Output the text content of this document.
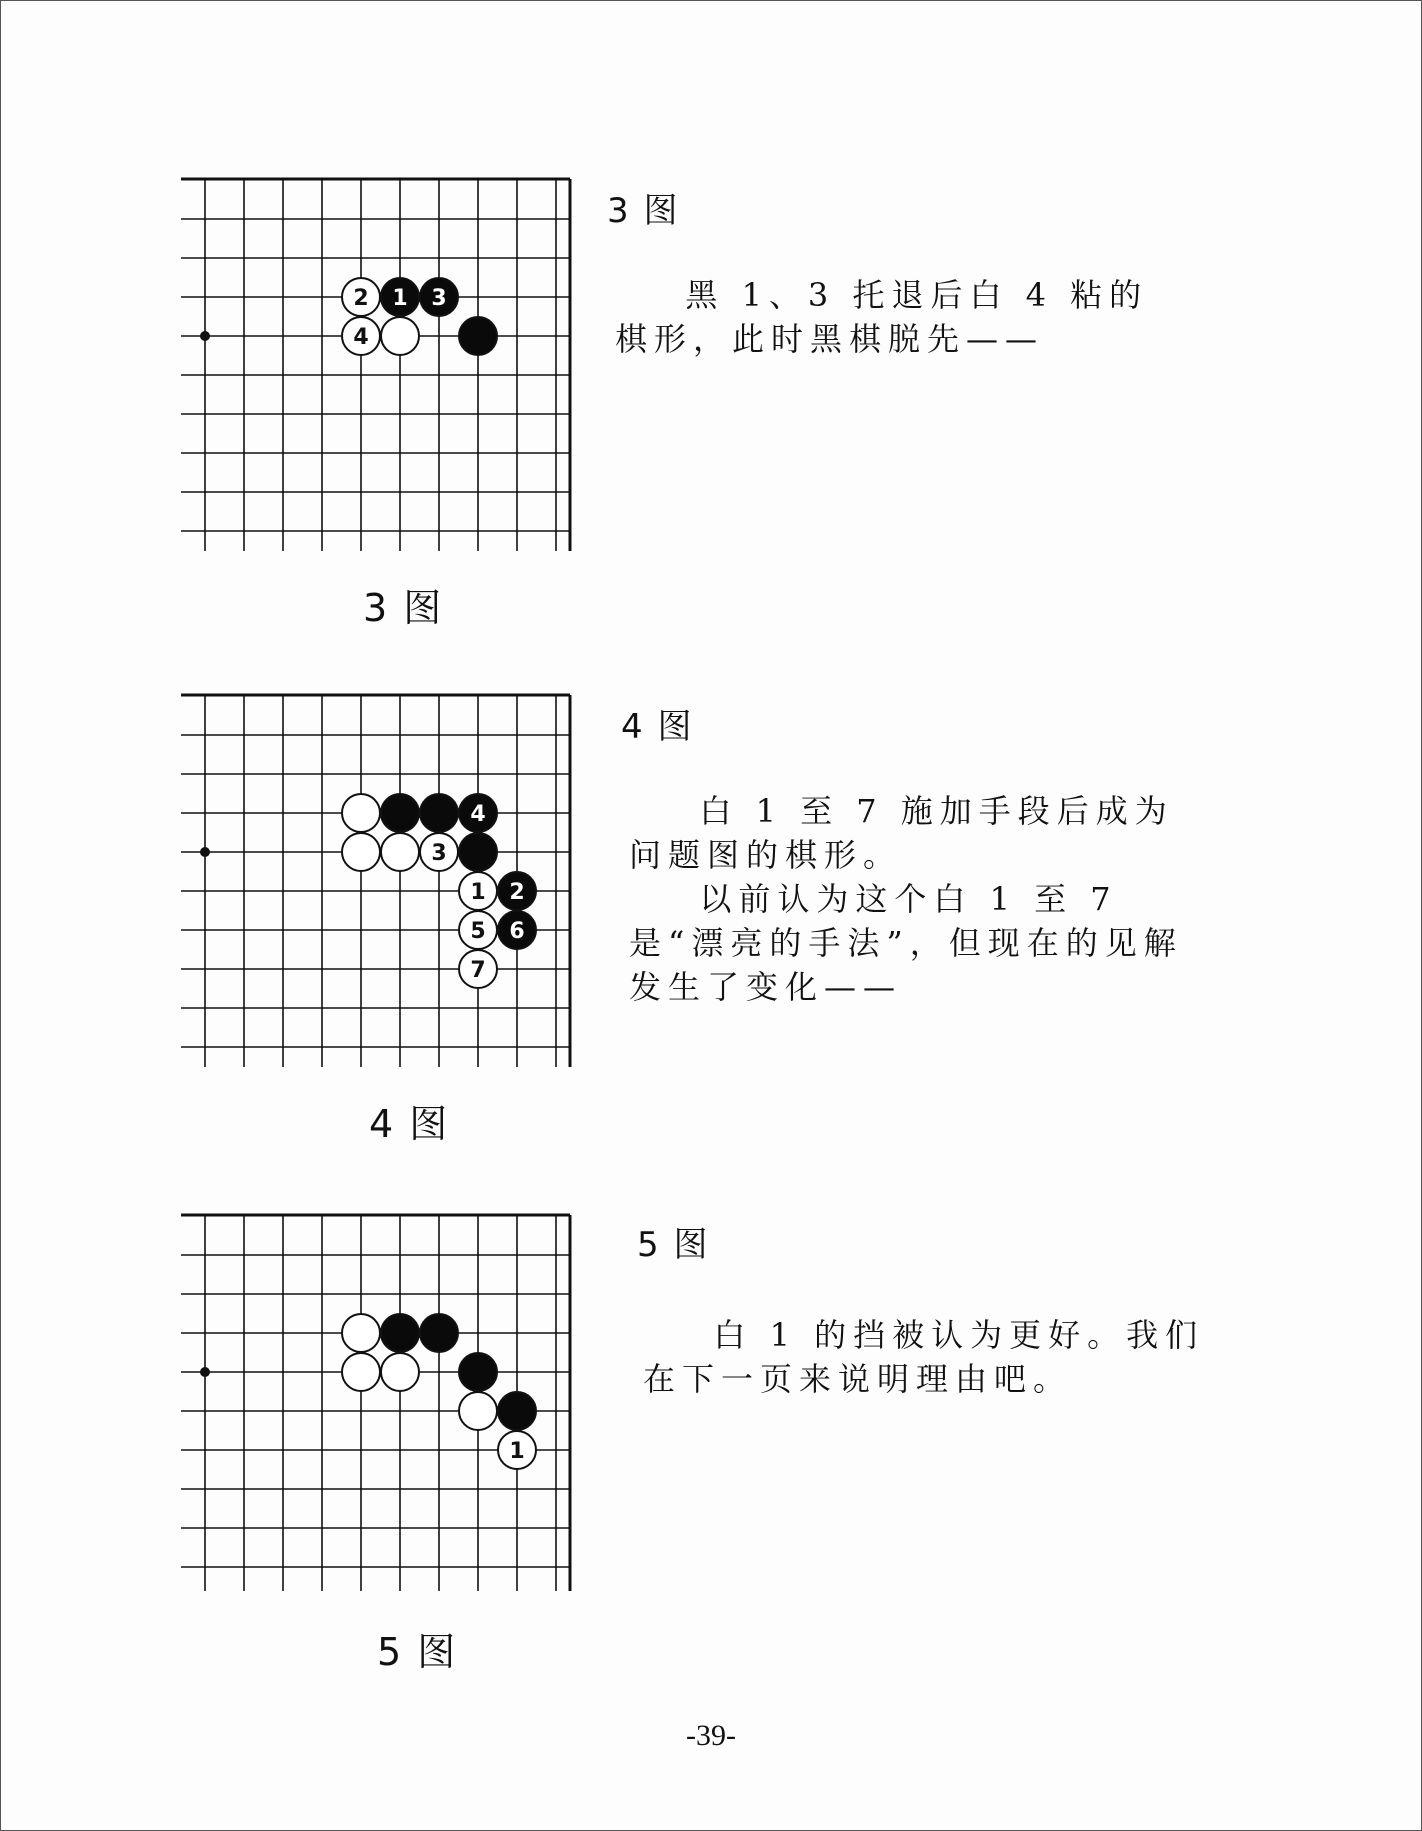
2 1 3
4
3 图

黑 1、3 托退后白 4 粘的棋形，此时黑棋脱先——

3 图
4
3
1 2
5 6
7
4 图

白 1 至 7 施加手段后成为问题图的棋形。

以前认为这个白 1 至 7 是“漂亮的手法”，但现在的见解发生了变化——

4 图
1
5 图

白 1 的挡被认为更好。我们在下一页来说明理由吧。

5 图
-39-
